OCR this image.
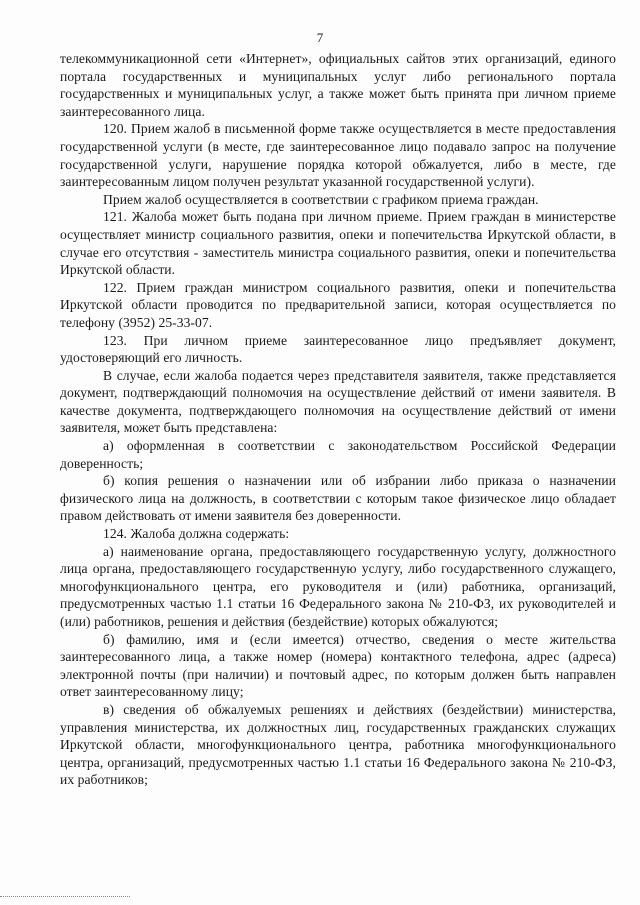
7

телекоммуникационной сети «Интернет», официальных сайтов этих организаций, единого портала государственных и муниципальных услуг либо регионального портала государственных и муниципальных услуг, а также может быть принята при личном приеме заинтересованного лица.

120. Прием жалоб в письменной форме также осуществляется в месте предоставления государственной услуги (в месте, где заинтересованное лицо подавало запрос на получение государственной услуги, нарушение порядка которой обжалуется, либо в месте, где заинтересованным лицом получен результат указанной государственной услуги).

Прием жалоб осуществляется в соответствии с графиком приема граждан.

121. Жалоба может быть подана при личном приеме. Прием граждан в министерстве осуществляет министр социального развития, опеки и попечительства Иркутской области, в случае его отсутствия - заместитель министра социального развития, опеки и попечительства Иркутской области.

122. Прием граждан министром социального развития, опеки и попечительства Иркутской области проводится по предварительной записи, которая осуществляется по телефону (3952) 25-33-07.

123. При личном приеме заинтересованное лицо предъявляет документ, удостоверяющий его личность.

В случае, если жалоба подается через представителя заявителя, также представляется документ, подтверждающий полномочия на осуществление действий от имени заявителя. В качестве документа, подтверждающего полномочия на осуществление действий от имени заявителя, может быть представлена:

а) оформленная в соответствии с законодательством Российской Федерации доверенность;

б) копия решения о назначении или об избрании либо приказа о назначении физического лица на должность, в соответствии с которым такое физическое лицо обладает правом действовать от имени заявителя без доверенности.

124. Жалоба должна содержать:

а) наименование органа, предоставляющего государственную услугу, должностного лица органа, предоставляющего государственную услугу, либо государственного служащего, многофункционального центра, его руководителя и (или) работника, организаций, предусмотренных частью 1.1 статьи 16 Федерального закона № 210-ФЗ, их руководителей и (или) работников, решения и действия (бездействие) которых обжалуются;

б) фамилию, имя и (если имеется) отчество, сведения о месте жительства заинтересованного лица, а также номер (номера) контактного телефона, адрес (адреса) электронной почты (при наличии) и почтовый адрес, по которым должен быть направлен ответ заинтересованному лицу;

в) сведения об обжалуемых решениях и действиях (бездействии) министерства, управления министерства, их должностных лиц, государственных гражданских служащих Иркутской области, многофункционального центра, работника многофункционального центра, организаций, предусмотренных частью 1.1 статьи 16 Федерального закона № 210-ФЗ, их работников;
